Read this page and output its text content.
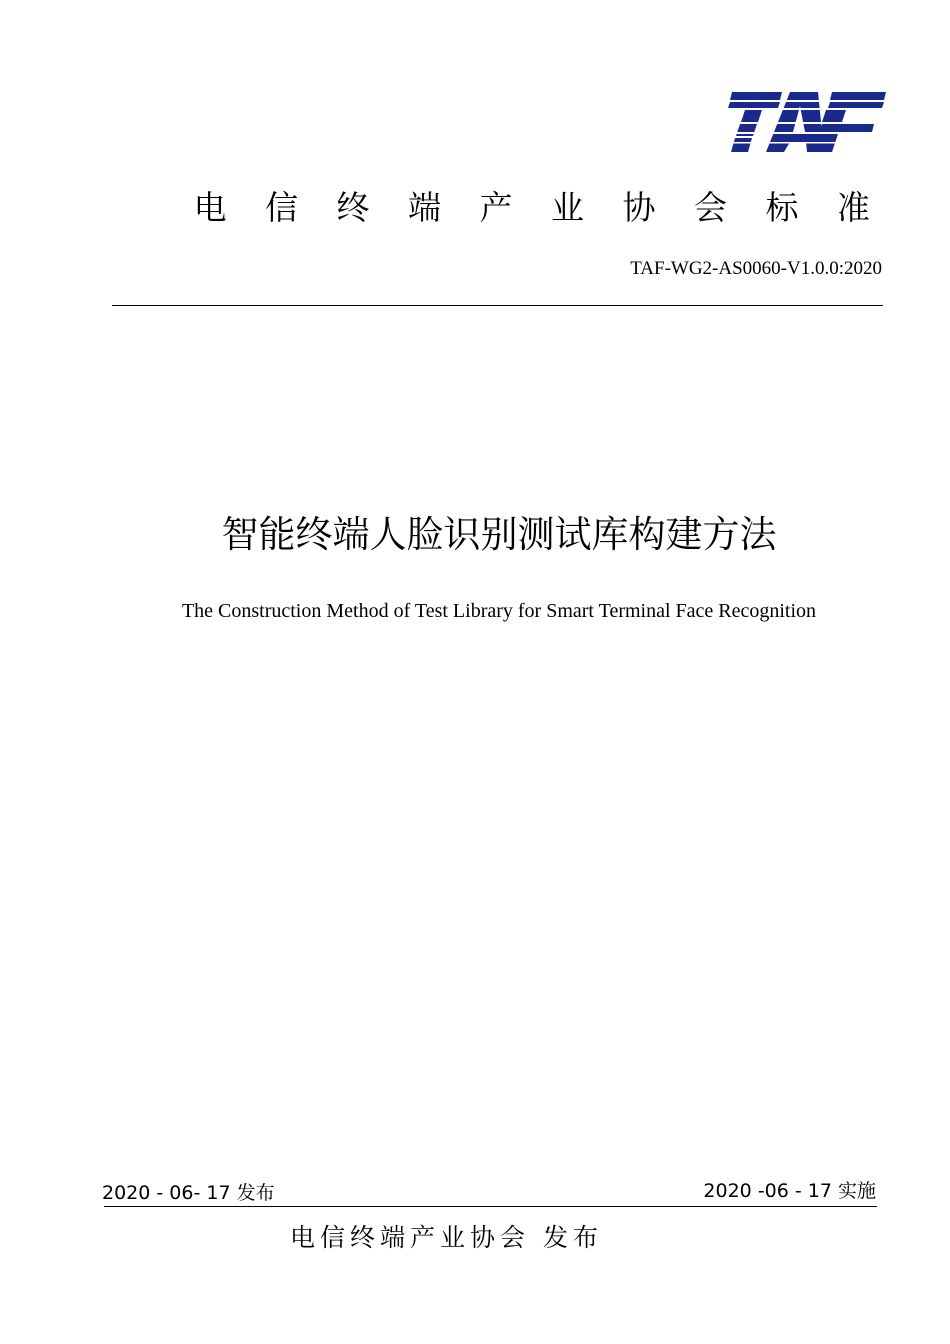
电 信 终 端 产 业 协 会 标 准
TAF-WG2-AS0060-V1.0.0:2020
智能终端人脸识别测试库构建方法
The Construction Method of Test Library for Smart Terminal Face Recognition
2020 - 06- 17 发布	2020 -06 - 17 实施
电信终端产业协会 发布
